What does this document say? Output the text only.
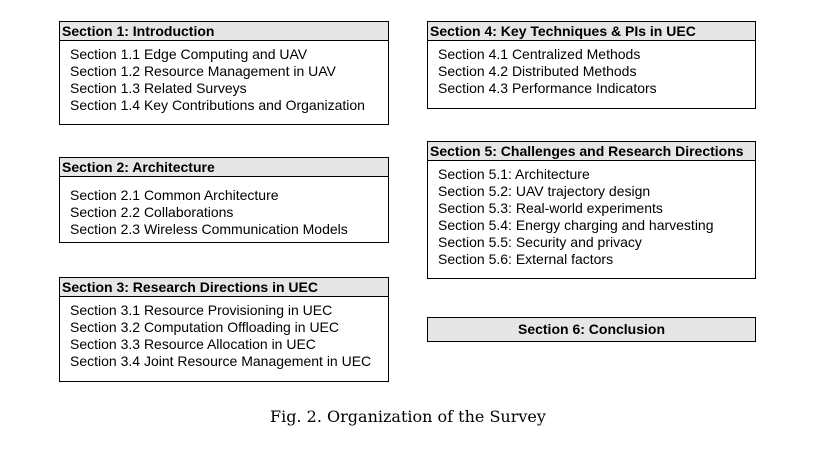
Section 1: Introduction
Section 1.1 Edge Computing and UAV
Section 1.2 Resource Management in UAV
Section 1.3 Related Surveys
Section 1.4 Key Contributions and Organization
Section 2: Architecture
Section 2.1 Common Architecture
Section 2.2 Collaborations
Section 2.3 Wireless Communication Models
Section 3: Research Directions in UEC
Section 3.1 Resource Provisioning in UEC
Section 3.2 Computation Offloading in UEC
Section 3.3 Resource Allocation in UEC
Section 3.4 Joint Resource Management in UEC
Section 4: Key Techniques & PIs in UEC
Section 4.1 Centralized Methods
Section 4.2 Distributed Methods
Section 4.3 Performance Indicators
Section 5: Challenges and Research Directions
Section 5.1: Architecture
Section 5.2: UAV trajectory design
Section 5.3: Real-world experiments
Section 5.4: Energy charging and harvesting
Section 5.5: Security and privacy
Section 5.6: External factors
Section 6: Conclusion
Fig. 2. Organization of the Survey
